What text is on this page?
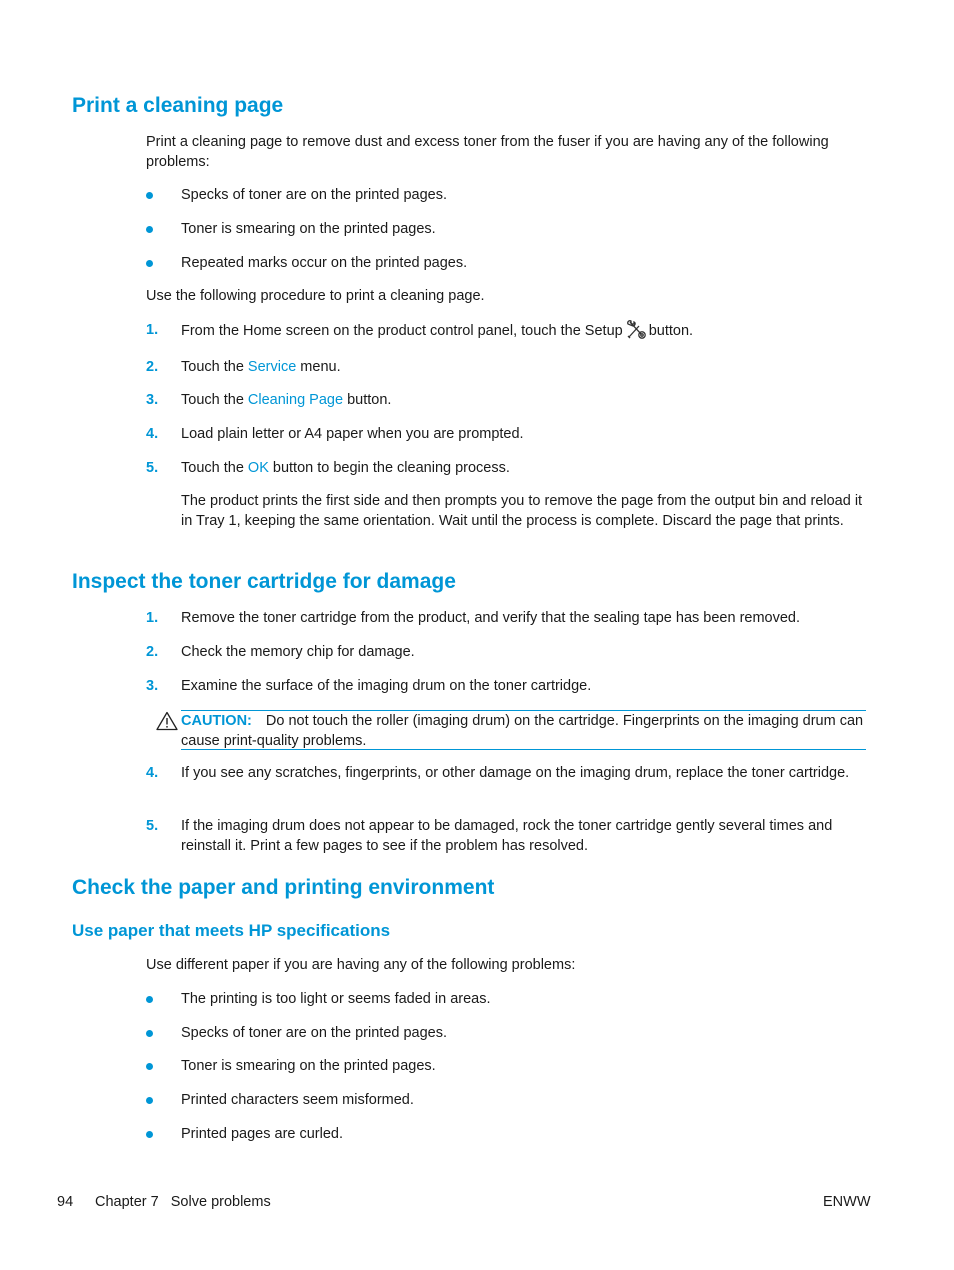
Print a cleaning page

Print a cleaning page to remove dust and excess toner from the fuser if you are having any of the following problems:

Specks of toner are on the printed pages.
Toner is smearing on the printed pages.
Repeated marks occur on the printed pages.

Use the following procedure to print a cleaning page.

1. From the Home screen on the product control panel, touch the Setup button.
2. Touch the Service menu.
3. Touch the Cleaning Page button.
4. Load plain letter or A4 paper when you are prompted.
5. Touch the OK button to begin the cleaning process.
The product prints the first side and then prompts you to remove the page from the output bin and reload it in Tray 1, keeping the same orientation. Wait until the process is complete. Discard the page that prints.
Inspect the toner cartridge for damage
1. Remove the toner cartridge from the product, and verify that the sealing tape has been removed.
2. Check the memory chip for damage.
3. Examine the surface of the imaging drum on the toner cartridge.
CAUTION: Do not touch the roller (imaging drum) on the cartridge. Fingerprints on the imaging drum can cause print-quality problems.
4. If you see any scratches, fingerprints, or other damage on the imaging drum, replace the toner cartridge.
5. If the imaging drum does not appear to be damaged, rock the toner cartridge gently several times and reinstall it. Print a few pages to see if the problem has resolved.
Check the paper and printing environment
Use paper that meets HP specifications

Use different paper if you are having any of the following problems:

The printing is too light or seems faded in areas.
Specks of toner are on the printed pages.
Toner is smearing on the printed pages.
Printed characters seem misformed.
Printed pages are curled.
94 Chapter 7   Solve problems	ENWW
